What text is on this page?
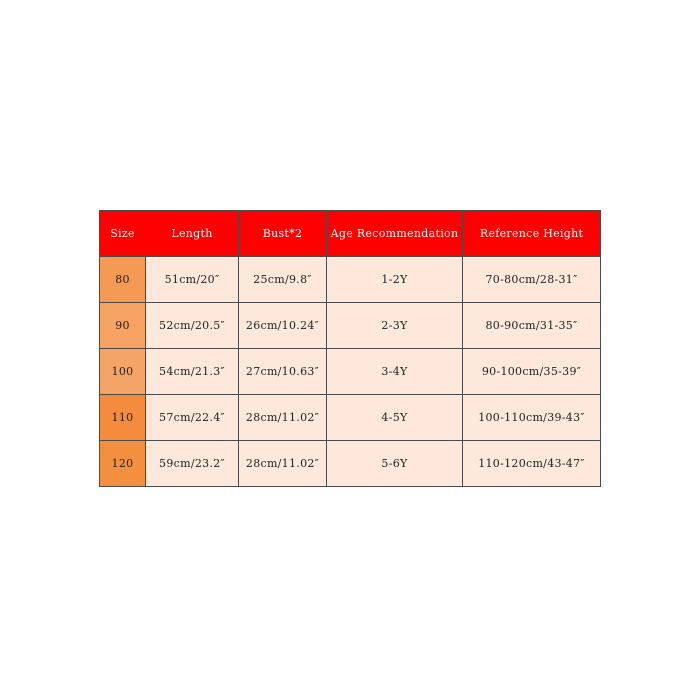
Size	Length	Bust*2	Age Recommendation	Reference Height
80	51cm/20″	25cm/9.8″	1-2Y	70-80cm/28-31″
90	52cm/20.5″	26cm/10.24″	2-3Y	80-90cm/31-35″
100	54cm/21.3″	27cm/10.63″	3-4Y	90-100cm/35-39″
110	57cm/22.4″	28cm/11.02″	4-5Y	100-110cm/39-43″
120	59cm/23.2″	28cm/11.02″	5-6Y	110-120cm/43-47″
